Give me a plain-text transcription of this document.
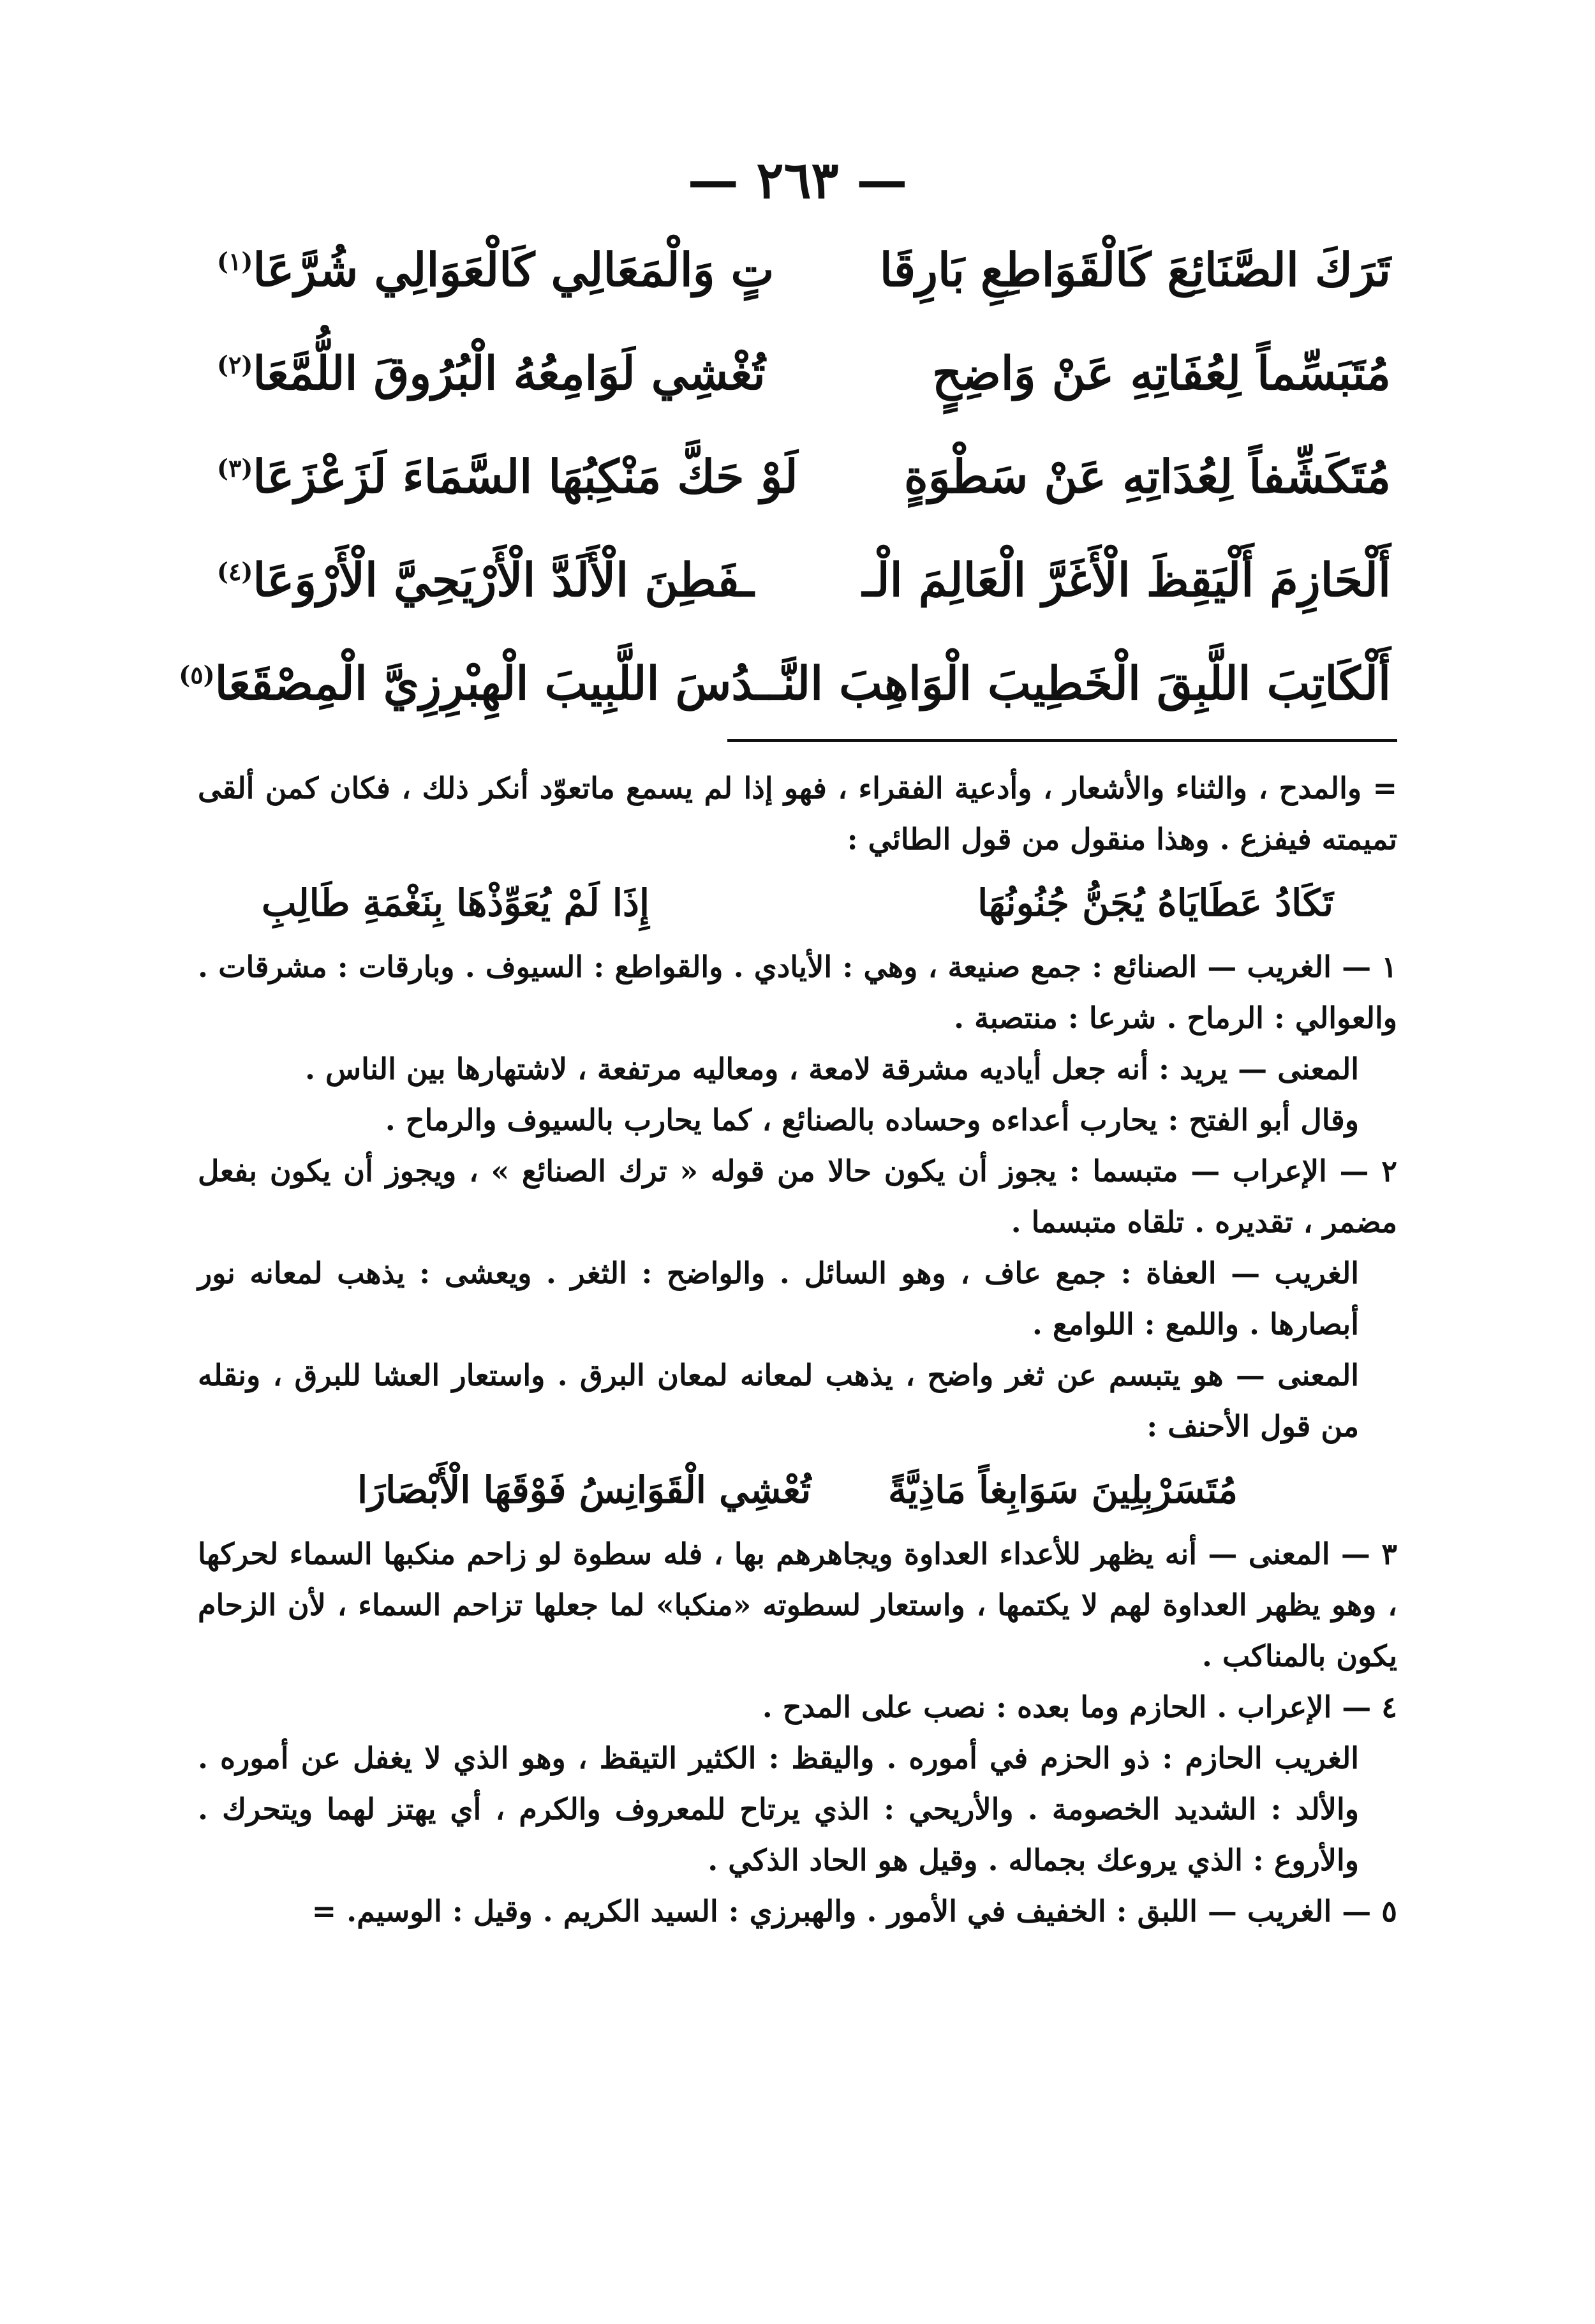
— ٢٦٣ —
تَرَكَ الصَّنَائِعَ كَالْقَوَاطِعِ بَارِقَا
تٍ وَالْمَعَالِي كَالْعَوَالِي شُرَّعَا(١)
مُتَبَسِّماً لِعُفَاتِهِ عَنْ وَاضِحٍ
تُغْشِي لَوَامِعُهُ الْبُرُوقَ اللُّمَّعَا(٢)
مُتَكَشِّفاً لِعُدَاتِهِ عَنْ سَطْوَةٍ
لَوْ حَكَّ مَنْكِبُهَا السَّمَاءَ لَزَعْزَعَا(٣)
أَلْحَازِمَ أَلْيَقِظَ الْأَغَرَّ الْعَالِمَ الْـ
ـفَطِنَ الْأَلَدَّ الْأَرْيَحِيَّ الْأَرْوَعَا(٤)
أَلْكَاتِبَ اللَّبِقَ الْخَطِيبَ الْوَاهِبَ النَّـ
ـدُسَ اللَّبِيبَ الْهِبْرِزِيَّ الْمِصْقَعَا(٥)

= والمدح ، والثناء والأشعار ، وأدعية الفقراء ، فهو إذا لم يسمع ماتعوّد أنكر ذلك ، فكان كمن ألقى تميمته فيفزع . وهذا منقول من قول الطائي :

تَكَادُ عَطَايَاهُ يُجَنُّ جُنُونُهَا
إِذَا لَمْ يُعَوِّذْهَا بِنَغْمَةِ طَالِبِ

١ — الغريب — الصنائع : جمع صنيعة ، وهي : الأيادي . والقواطع : السيوف . وبارقات : مشرقات . والعوالي : الرماح . شرعا : منتصبة .

المعنى — يريد : أنه جعل أياديه مشرقة لامعة ، ومعاليه مرتفعة ، لاشتهارها بين الناس .

وقال أبو الفتح : يحارب أعداءه وحساده بالصنائع ، كما يحارب بالسيوف والرماح .

٢ — الإعراب — متبسما : يجوز أن يكون حالا من قوله « ترك الصنائع » ، ويجوز أن يكون بفعل مضمر ، تقديره . تلقاه متبسما .

الغريب — العفاة : جمع عاف ، وهو السائل . والواضح : الثغر . ويعشى : يذهب لمعانه نور أبصارها . واللمع : اللوامع .

المعنى — هو يتبسم عن ثغر واضح ، يذهب لمعانه لمعان البرق . واستعار العشا للبرق ، ونقله من قول الأحنف :

مُتَسَرْبِلِينَ سَوَابِغاً مَاذِيَّةً
تُعْشِي الْقَوَانِسُ فَوْقَهَا الْأَبْصَارَا

٣ — المعنى — أنه يظهر للأعداء العداوة ويجاهرهم بها ، فله سطوة لو زاحم منكبها السماء لحركها ، وهو يظهر العداوة لهم لا يكتمها ، واستعار لسطوته «منكبا» لما جعلها تزاحم السماء ، لأن الزحام يكون بالمناكب .

٤ — الإعراب . الحازم وما بعده : نصب على المدح .

الغريب الحازم : ذو الحزم في أموره . واليقظ : الكثير التيقظ ، وهو الذي لا يغفل عن أموره . والألد : الشديد الخصومة . والأريحي : الذي يرتاح للمعروف والكرم ، أي يهتز لهما ويتحرك . والأروع : الذي يروعك بجماله . وقيل هو الحاد الذكي .

٥ — الغريب — اللبق : الخفيف في الأمور . والهبرزي : السيد الكريم . وقيل : الوسيم. =
